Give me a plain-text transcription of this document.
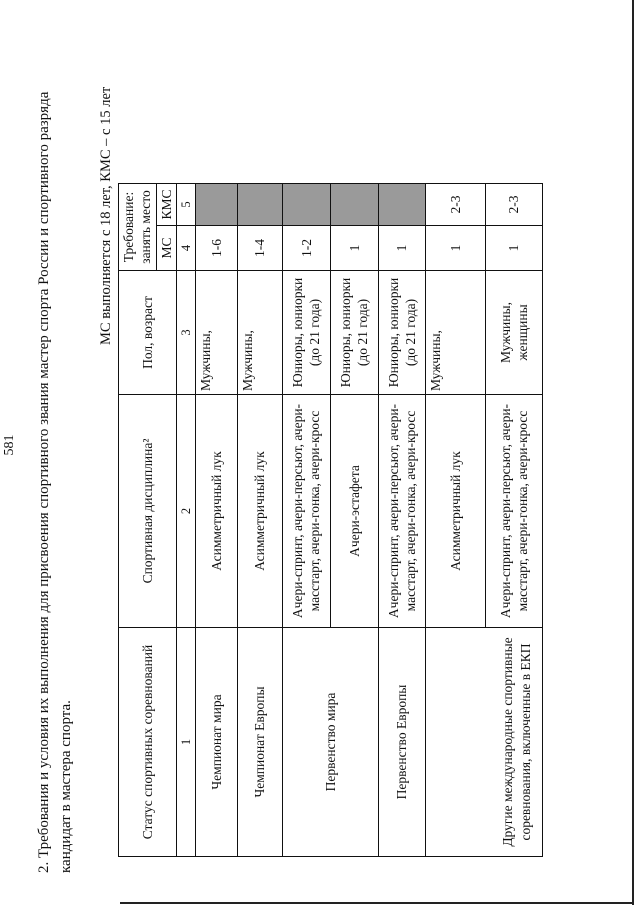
581 2. Требования и условия их выполнения для присвоения спортивного звания мастер спорта России и спортивного разряда кандидат в мастера спорта.
МС выполняется с 18 лет, КМС – с 15 лет
Статус спортивных соревнований	Спортивная дисциплина²	Пол, возраст	Требование: занять место	
			МС	КМС
1	2	3	4	5
Чемпионат мира	Асимметричный лук	Мужчины,	1-6	
Чемпионат Европы	Асимметричный лук	Мужчины,	1-4	
Первенство мира	Ачери-спринт, ачери-персьют, ачери-масстарт, ачери-гонка, ачери-кросс	Юниоры, юниорки (до 21 года)	1-2	
	Ачери-эстафета	Юниоры, юниорки (до 21 года)	1	
Первенство Европы	Ачери-спринт, ачери-персьют, ачери-масстарт, ачери-гонка, ачери-кросс	Юниоры, юниорки (до 21 года)	1	
Другие международные спортивные соревнования, включенные в ЕКП	Асимметричный лук	Мужчины,	1	2-3
	Ачери-спринт, ачери-персьют, ачери-масстарт, ачери-гонка, ачери-кросс	Мужчины, женщины	1	2-3
